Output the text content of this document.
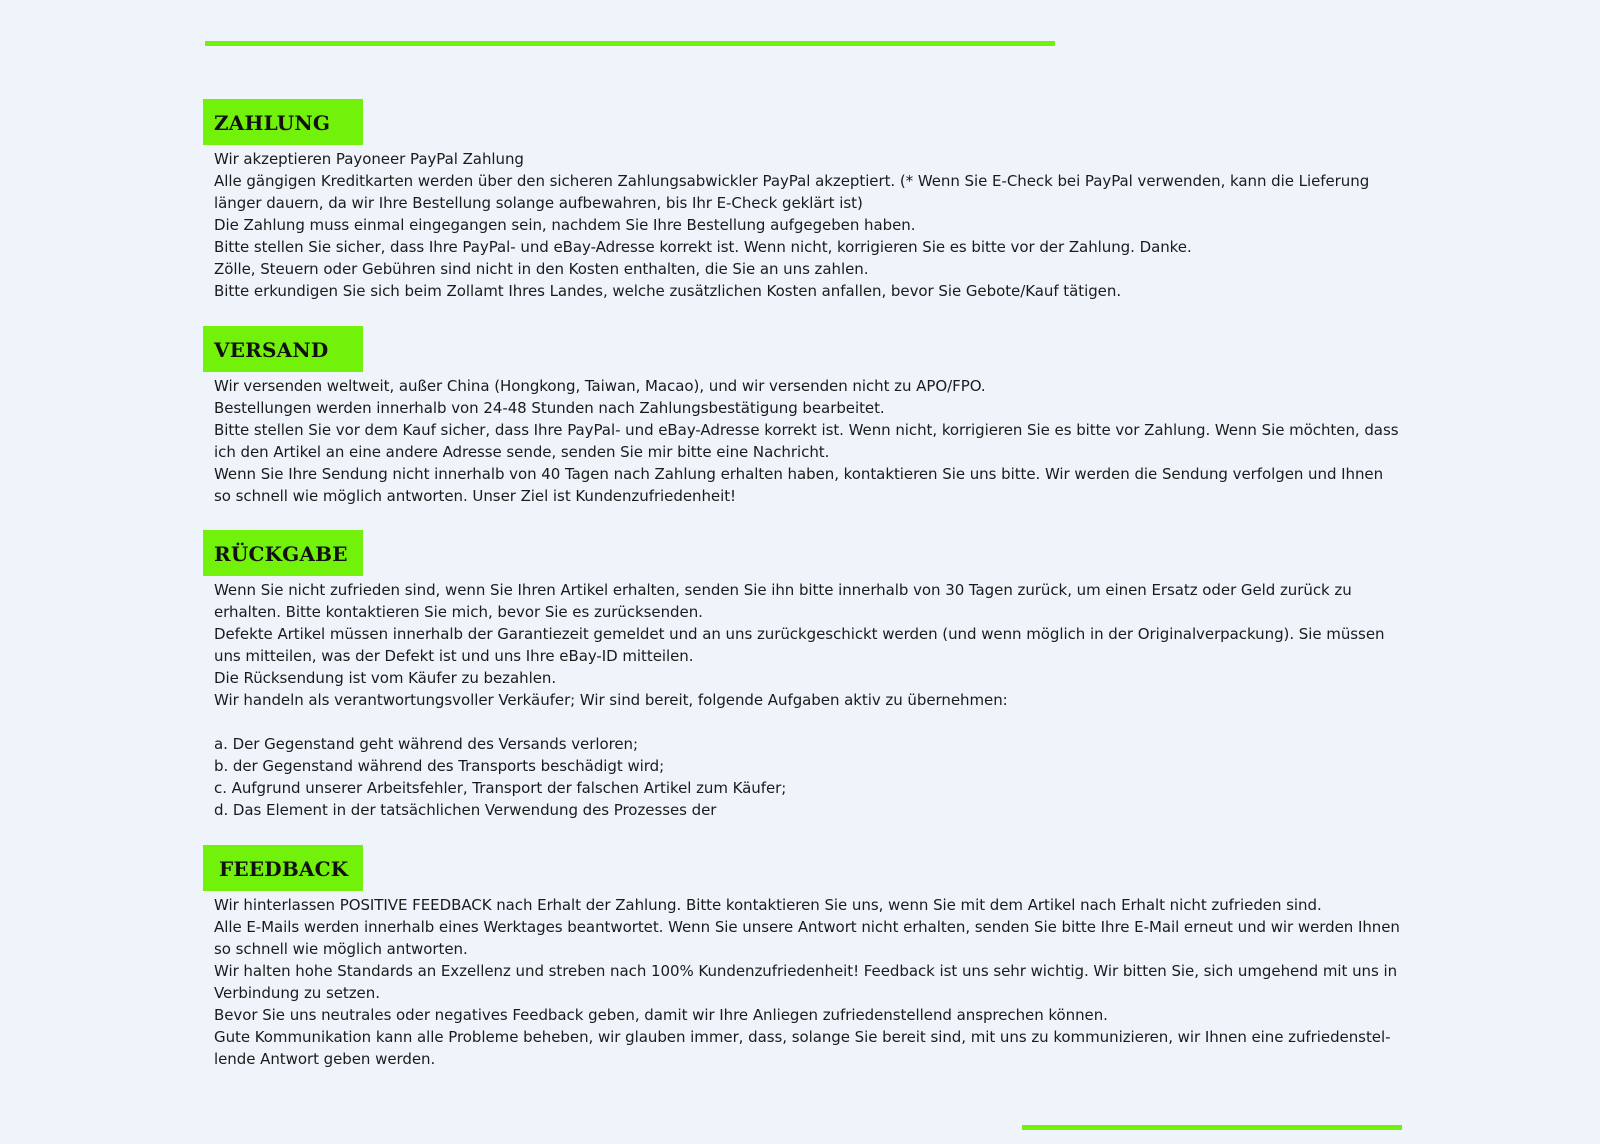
ZAHLUNG

Wir akzeptieren Payoneer PayPal Zahlung

Alle gängigen Kreditkarten werden über den sicheren Zahlungsabwickler PayPal akzeptiert. (* Wenn Sie E-Check bei PayPal verwenden, kann die Lieferung länger dauern, da wir Ihre Bestellung solange aufbewahren, bis Ihr E-Check geklärt ist)

Die Zahlung muss einmal eingegangen sein, nachdem Sie Ihre Bestellung aufgegeben haben.

Bitte stellen Sie sicher, dass Ihre PayPal- und eBay-Adresse korrekt ist. Wenn nicht, korrigieren Sie es bitte vor der Zahlung. Danke.

Zölle, Steuern oder Gebühren sind nicht in den Kosten enthalten, die Sie an uns zahlen.

Bitte erkundigen Sie sich beim Zollamt Ihres Landes, welche zusätzlichen Kosten anfallen, bevor Sie Gebote/Kauf tätigen.

VERSAND

Wir versenden weltweit, außer China (Hongkong, Taiwan, Macao), und wir versenden nicht zu APO/FPO.

Bestellungen werden innerhalb von 24-48 Stunden nach Zahlungsbestätigung bearbeitet.

Bitte stellen Sie vor dem Kauf sicher, dass Ihre PayPal- und eBay-Adresse korrekt ist. Wenn nicht, korrigieren Sie es bitte vor Zahlung. Wenn Sie möchten, dass ich den Artikel an eine andere Adresse sende, senden Sie mir bitte eine Nachricht.

Wenn Sie Ihre Sendung nicht innerhalb von 40 Tagen nach Zahlung erhalten haben, kontaktieren Sie uns bitte. Wir werden die Sendung verfolgen und Ihnen so schnell wie möglich antworten. Unser Ziel ist Kundenzufriedenheit!

RÜCKGABE

Wenn Sie nicht zufrieden sind, wenn Sie Ihren Artikel erhalten, senden Sie ihn bitte innerhalb von 30 Tagen zurück, um einen Ersatz oder Geld zurück zu erhalten. Bitte kontaktieren Sie mich, bevor Sie es zurücksenden.

Defekte Artikel müssen innerhalb der Garantiezeit gemeldet und an uns zurückgeschickt werden (und wenn möglich in der Originalverpackung). Sie müssen uns mitteilen, was der Defekt ist und uns Ihre eBay-ID mitteilen.

Die Rücksendung ist vom Käufer zu bezahlen.

Wir handeln als verantwortungsvoller Verkäufer; Wir sind bereit, folgende Aufgaben aktiv zu übernehmen:

a. Der Gegenstand geht während des Versands verloren;

b. der Gegenstand während des Transports beschädigt wird;

c. Aufgrund unserer Arbeitsfehler, Transport der falschen Artikel zum Käufer;

d. Das Element in der tatsächlichen Verwendung des Prozesses der

FEEDBACK

Wir hinterlassen POSITIVE FEEDBACK nach Erhalt der Zahlung. Bitte kontaktieren Sie uns, wenn Sie mit dem Artikel nach Erhalt nicht zufrieden sind.

Alle E-Mails werden innerhalb eines Werktages beantwortet. Wenn Sie unsere Antwort nicht erhalten, senden Sie bitte Ihre E-Mail erneut und wir werden Ihnen so schnell wie möglich antworten.

Wir halten hohe Standards an Exzellenz und streben nach 100% Kundenzufriedenheit! Feedback ist uns sehr wichtig. Wir bitten Sie, sich umgehend mit uns in Verbindung zu setzen.

Bevor Sie uns neutrales oder negatives Feedback geben, damit wir Ihre Anliegen zufriedenstellend ansprechen können.

Gute Kommunikation kann alle Probleme beheben, wir glauben immer, dass, solange Sie bereit sind, mit uns zu kommunizieren, wir Ihnen eine zufriedenstel-lende Antwort geben werden.
